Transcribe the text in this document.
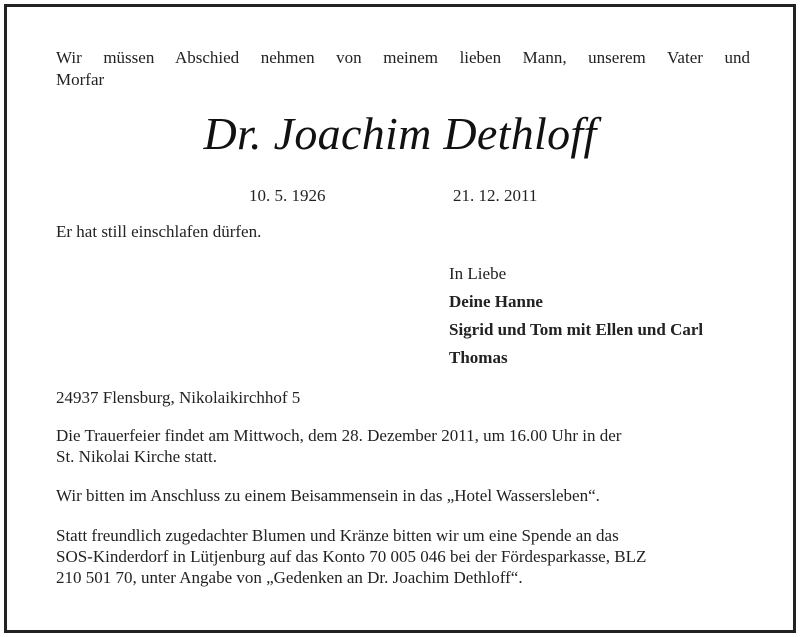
Wir müssen Abschied nehmen von meinem lieben Mann, unserem Vater und
Morfar
Dr. Joachim Dethloff
10. 5. 1926	21. 12. 2011
Er hat still einschlafen dürfen.
In Liebe
Deine Hanne
Sigrid und Tom mit Ellen und Carl
Thomas
24937 Flensburg, Nikolaikirchhof 5
Die Trauerfeier findet am Mittwoch, dem 28. Dezember 2011, um 16.00 Uhr in der
St. Nikolai Kirche statt.
Wir bitten im Anschluss zu einem Beisammensein in das „Hotel Wassersleben“.
Statt freundlich zugedachter Blumen und Kränze bitten wir um eine Spende an das
SOS-Kinderdorf in Lütjenburg auf das Konto 70 005 046 bei der Fördesparkasse, BLZ
210 501 70, unter Angabe von „Gedenken an Dr. Joachim Dethloff“.
